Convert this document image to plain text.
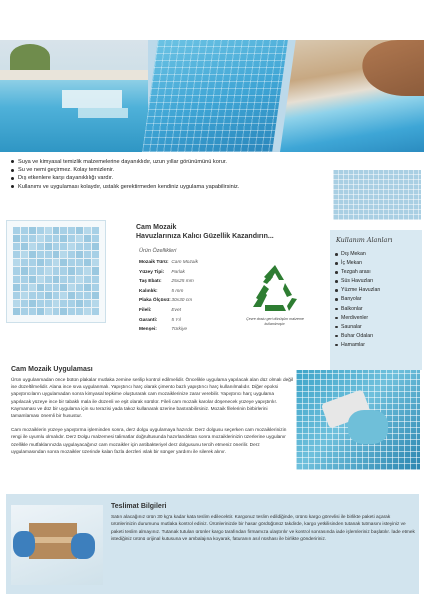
Suya ve kimyasal temizlik malzemelerine dayanıklıdır, uzun yıllar görünümünü korur.
Su ve nemi geçirmez. Kolay temizlenir.
Dış etkenlere karşı dayanıklılığı vardır.
Kullanımı ve uygulaması kolaydır, ustalık gerektirmeden kendiniz uygulama yapabilirsiniz.
Cam Mozaik
Havuzlarınıza Kalıcı Güzellik Kazandırın...
Ürün Özellikleri
Mozaik Türü: Cam Mozaik
Yüzey Tipi: Parlak
Taş Ebatı: 25x25 mm
Kalınlık:	5 mm
Plaka Ölçüsü: 30x30 cm
Fileli:	Evet
Garanti:	5 Yıl
Menşei:	Türkiye
Çevre dostu geri dönüşüm malzeme kullanılmıştır.
Kullanım Alanları
Dış Mekan
İç Mekan
Tezgah arası
Süs Havuzları
Yüzme Havuzları
Banyolar
Balkonlar
Merdivenler
Saunalar
Buhar Odaları
Hamamlar
Cam Mozaik Uygulaması

Ürün uygulanmadan önce bütün plakalar mutlaka zemine serilip kontrol edilmelidir. Öncelikle uygulama yapılacak alan düz olmalı değil ise düzeltilmelidir. Alana ince sıva uygulanmalı. Yapıştırıcı harç olarak çimento bazlı yapıştırıcı harç kullanılmalıdır. Diğer epoksi yapıştırıcıların uygulamadan sonra kimyasal tepkime oluşturarak cam mozaiklerinize zarar verebilir. Yapıştırıcı harç uygulama yapılacak yüzeye ince bir tabaklı mala ile düzenli ve eşit olarak sürülür. Fileli cam mozaik karolar döşenecek yüzeye yapıştırılır. Kaymaması ve düz bir uygulama için su terazisi yada takoz kullanarak üzerine bastırabilirsiniz. Mozaik filelerinin birbirlerini tamamlaması önemli bir husustur.

Cam mozaiklerin yüzeye yapıştırma işleminden sonra, derz dolgu uygulamaya hazırdır. Derz dolgusu seçerken cam mozaiklerinizin rengi ile uyumlu olmalıdır. Derz Dolgu malzemesi talimatlar doğrultusunda hazırlandıktan sonra mozaiklerinizin üzerlerine uygulanır özellikle mutfaklarınızda uygulayacağınız cam mozaikler için antibakteriyel derz dolgusunu tercih etmeniz önerilir. Derz uygulamasından sonra mozaikler üzerinde kalan fazla derzleri ıslak bir sünger yardımı ile silerek alınır.

Teslimat Bilgileri
Satın alacağınız ürün 30 kg'a kadar kata teslim edilecektir. Kargonuz teslim edildiğinde, ürünü kargo görevlisi ile birlikte paketi açarak ürünlerinizin durumunu mutlaka kontrol ediniz. Ürünlerinizde bir hasar gördüğünüz takdirde, kargo yetkilisinden tutanak tutmasını isteyiniz ve paketi teslim almayınız. Tutanak tutulan ürünler kargo tarafından firmamıza ulaştırılır ve kontrol sonrasında iade işlemleriniz başlatılır. İade etmek istediğiniz ürünü orijinal kutusuna ve ambalajına koyarak, faturanın asıl nüshası ile birlikte göndeririniz.
